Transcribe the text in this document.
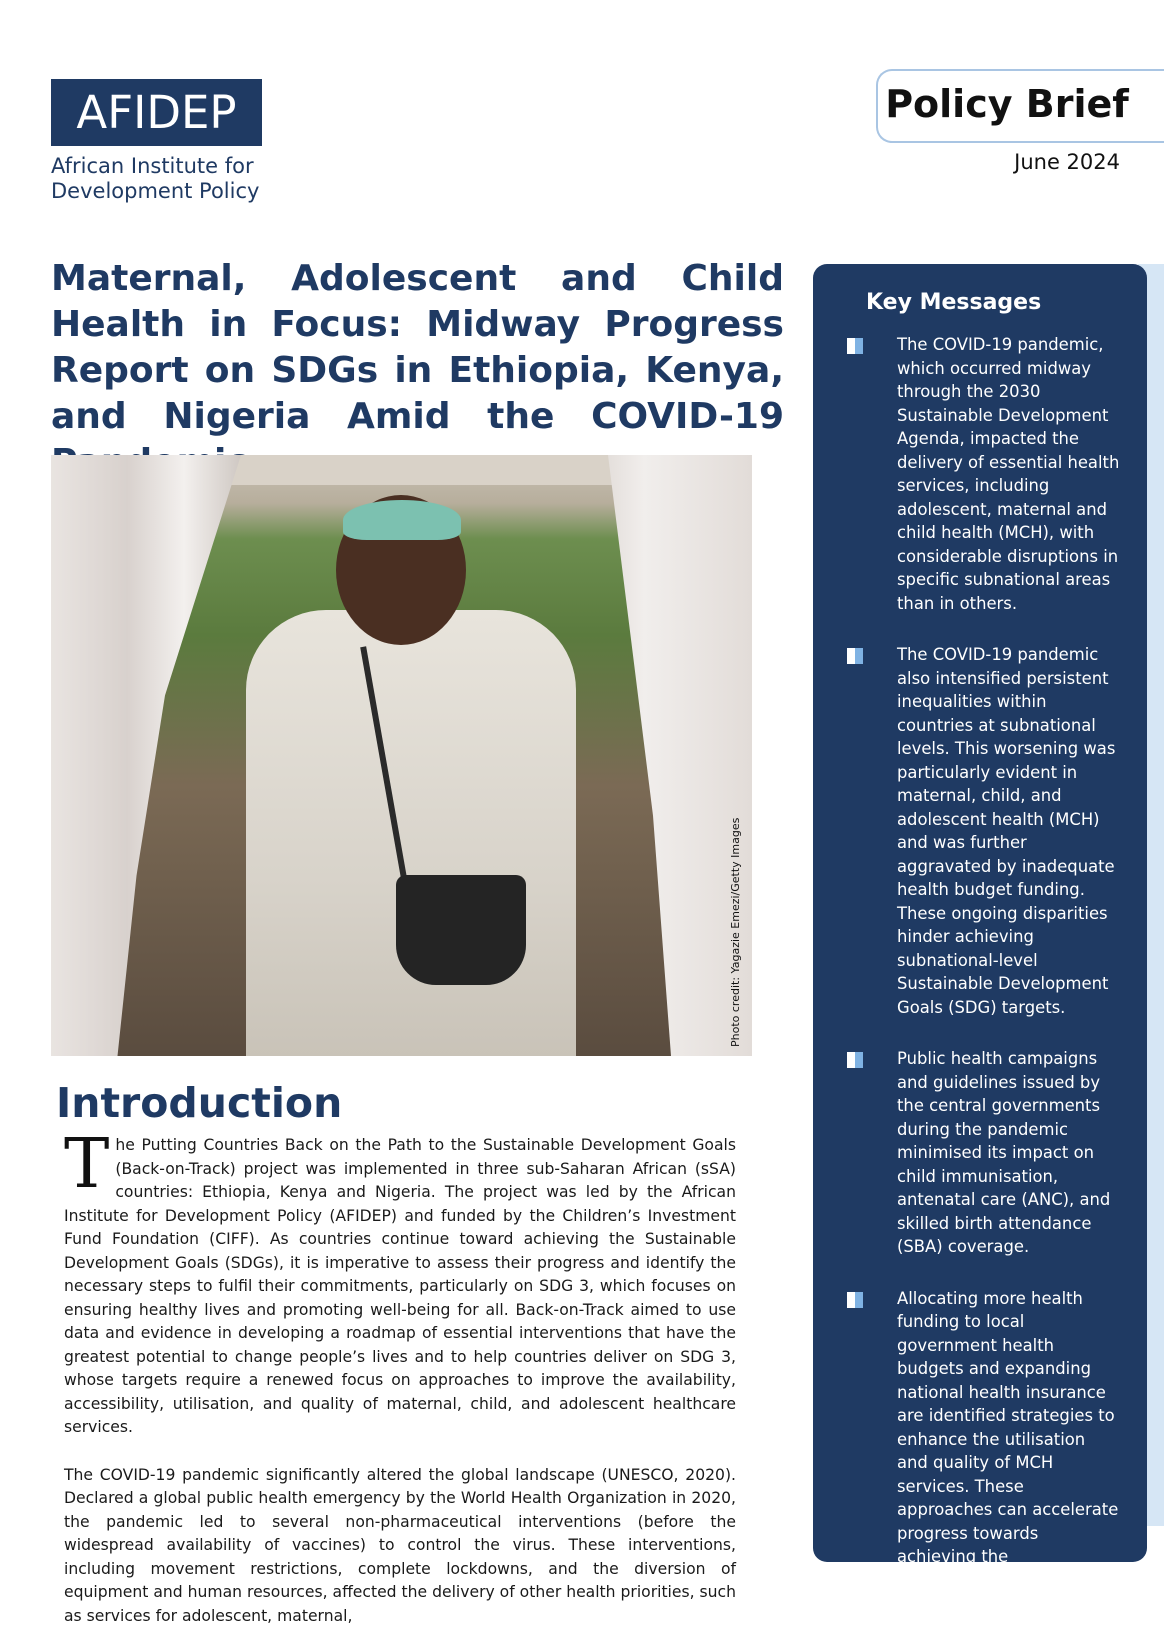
AFIDEP
African Institute for
Development Policy
Policy Brief
June 2024
Maternal, Adolescent and Child Health in Focus: Midway Progress Report on SDGs in Ethiopia, Kenya, and Nigeria Amid the COVID-19
Photo credit: Yagazie Emezi/Getty Images
Introduction

The Putting Countries Back on the Path to the Sustainable Development Goals (Back-on-Track) project was implemented in three sub-Saharan African (sSA) countries: Ethiopia, Kenya and Nigeria. The project was led by the African Institute for Development Policy (AFIDEP) and funded by the Children’s Investment Fund Foundation (CIFF). As countries continue toward achieving the Sustainable Development Goals (SDGs), it is imperative to assess their progress and identify the necessary steps to fulfil their commitments, particularly on SDG 3, which focuses on ensuring healthy lives and promoting well-being for all. Back-on-Track aimed to use data and evidence in developing a roadmap of essential interventions that have the greatest potential to change people’s lives and to help countries deliver on SDG 3, whose targets require a renewed focus on approaches to improve the availability, accessibility, utilisation, and quality of maternal, child, and adolescent healthcare services.

The COVID-19 pandemic significantly altered the global landscape (UNESCO, 2020). Declared a global public health emergency by the World Health Organization in 2020, the pandemic led to several non-pharmaceutical interventions (before the widespread availability of vaccines) to control the virus. These interventions, including movement restrictions, complete lockdowns, and the diversion of equipment and human resources, affected the delivery of other health priorities, such as services for adolescent, maternal,

Key Messages
The COVID-19 pandemic, which occurred midway through the 2030 Sustainable Development Agenda, impacted the delivery of essential health services, including adolescent, maternal and child health (MCH), with considerable disruptions in specific subnational areas than in others.
The COVID-19 pandemic also intensified persistent inequalities within countries at subnational levels. This worsening was particularly evident in maternal, child, and adolescent health (MCH) and was further aggravated by inadequate health budget funding. These ongoing disparities hinder achieving subnational-level Sustainable Development Goals (SDG) targets.
Public health campaigns and guidelines issued by the central governments during the pandemic minimised its impact on child immunisation, antenatal care (ANC), and skilled birth attendance (SBA) coverage.
Allocating more health funding to local government health budgets and expanding national health insurance are identified strategies to enhance the utilisation and quality of MCH services. These approaches can accelerate progress towards achieving the corresponding Sustainable Development Goal (SDG) targets.
